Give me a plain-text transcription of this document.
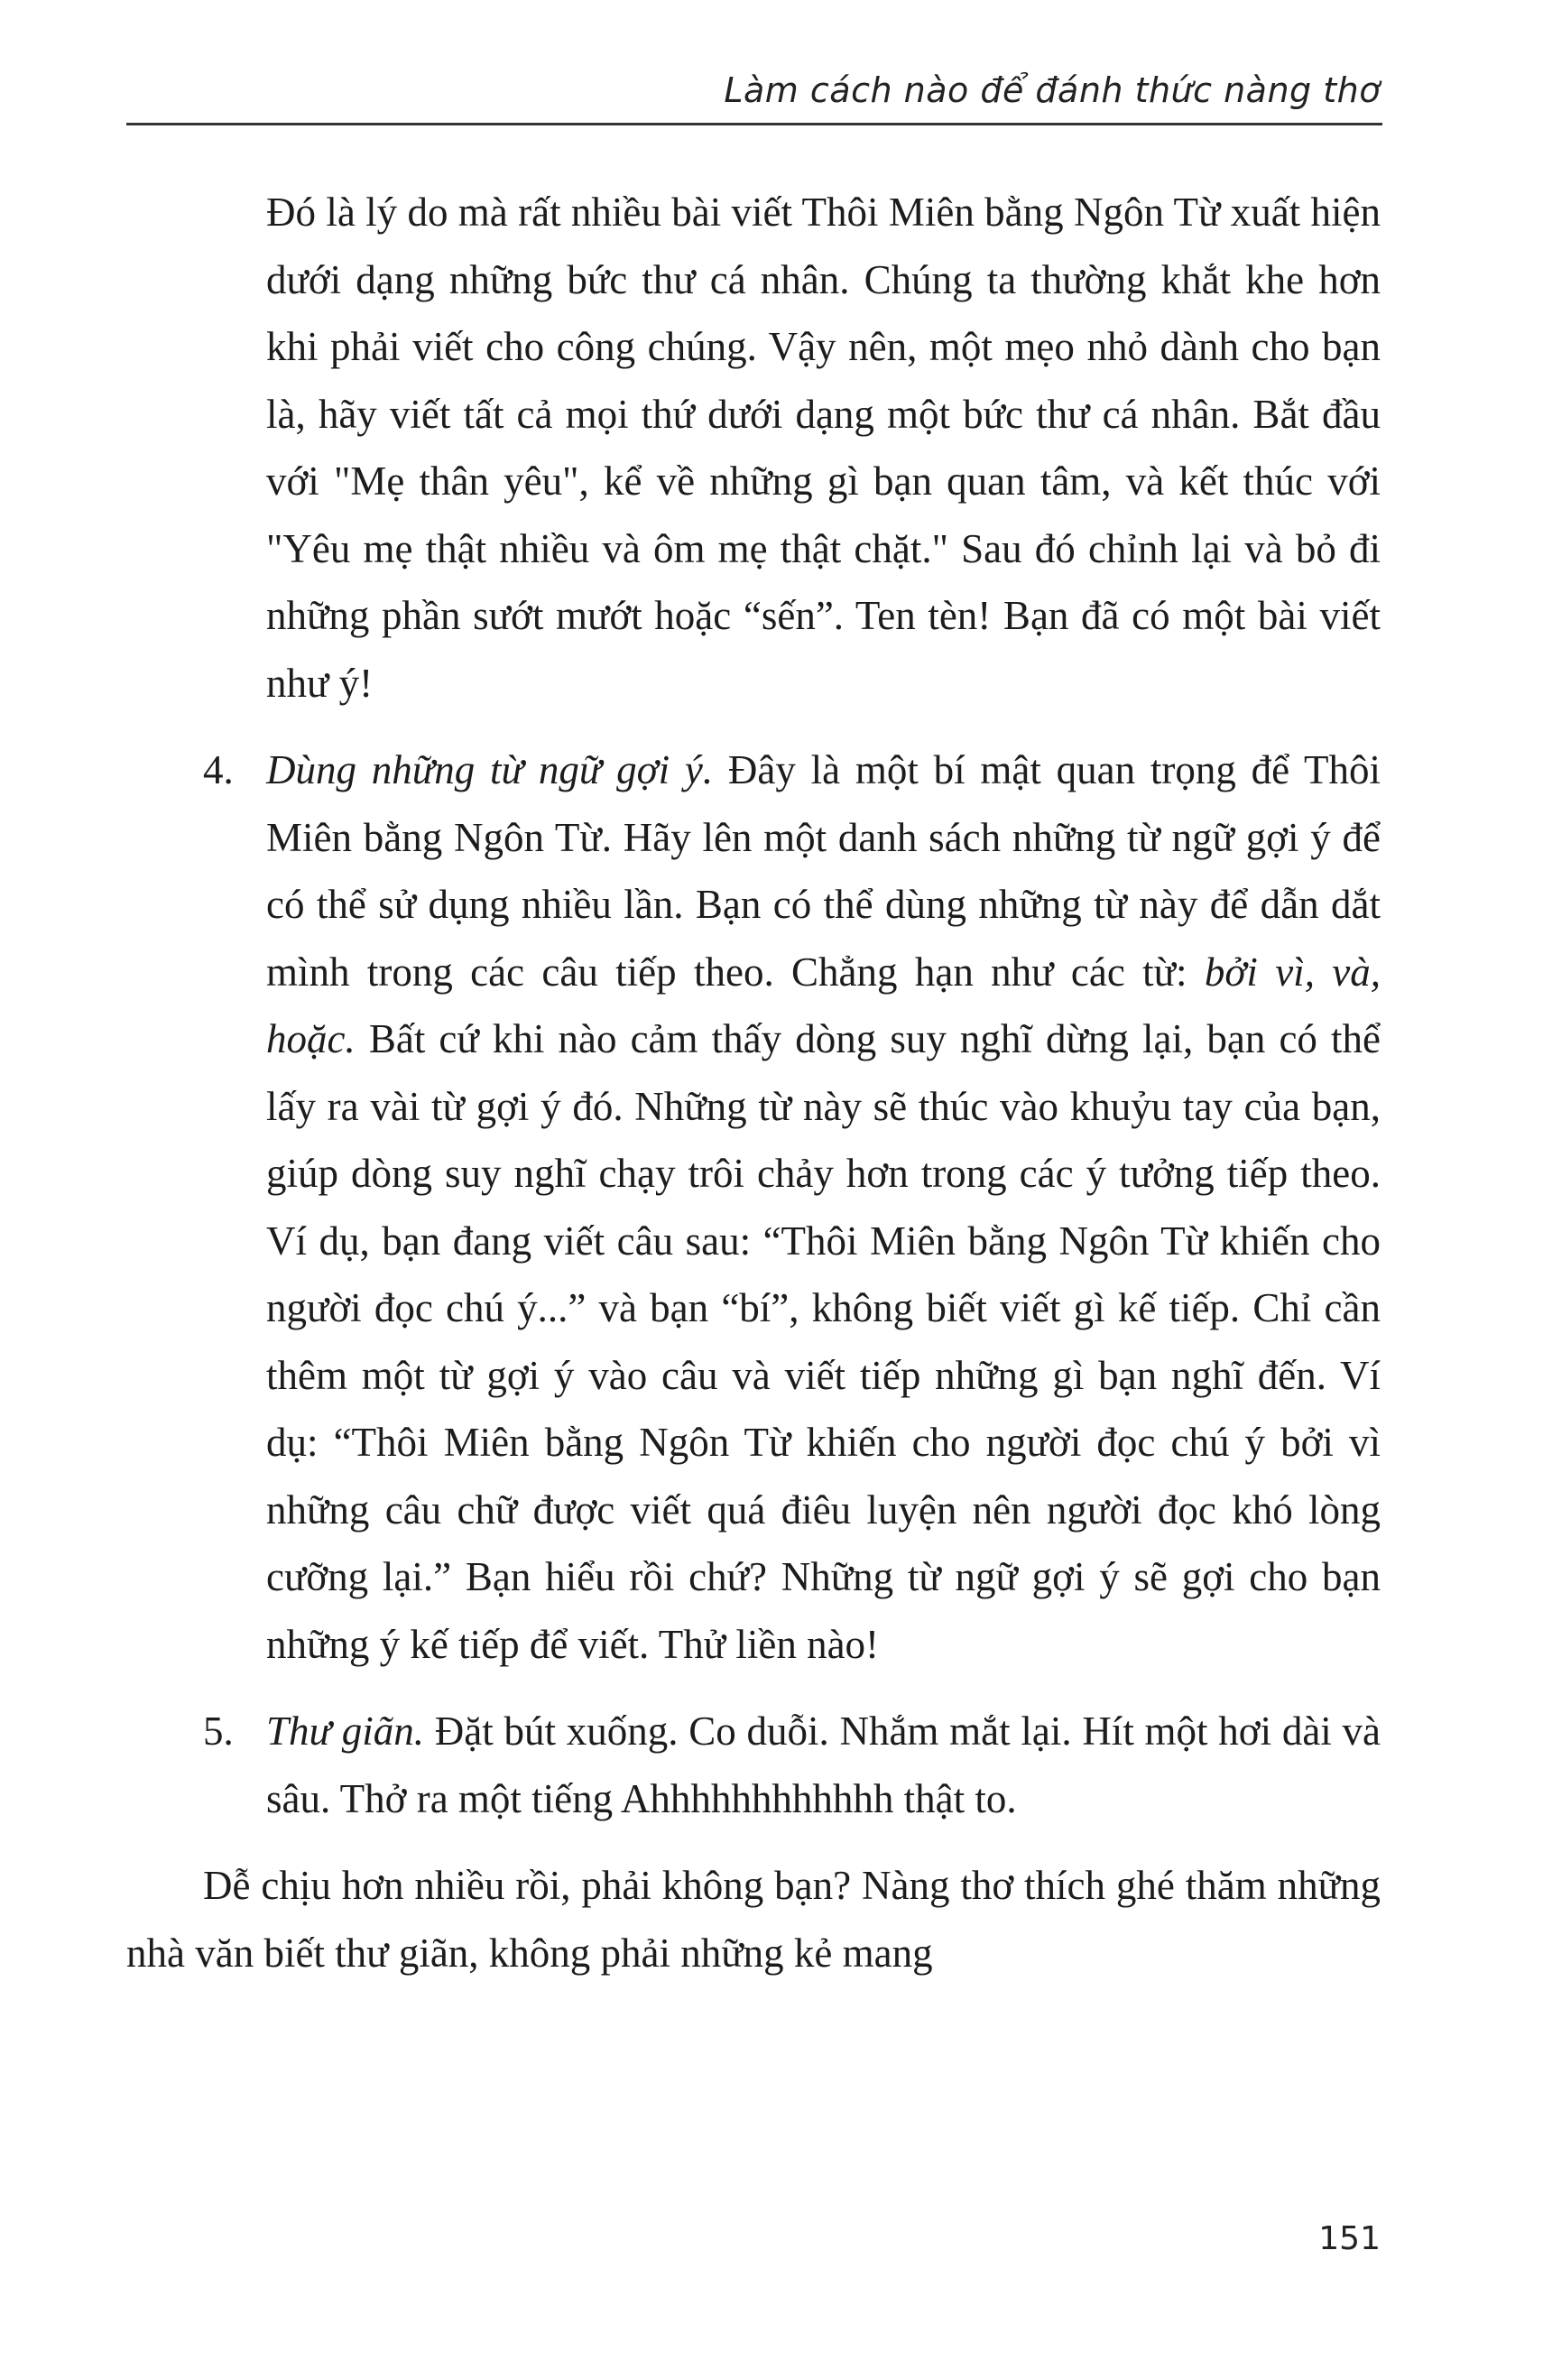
Làm cách nào để đánh thức nàng thơ

Đó là lý do mà rất nhiều bài viết Thôi Miên bằng Ngôn Từ xuất hiện dưới dạng những bức thư cá nhân. Chúng ta thường khắt khe hơn khi phải viết cho công chúng. Vậy nên, một mẹo nhỏ dành cho bạn là, hãy viết tất cả mọi thứ dưới dạng một bức thư cá nhân. Bắt đầu với "Mẹ thân yêu", kể về những gì bạn quan tâm, và kết thúc với "Yêu mẹ thật nhiều và ôm mẹ thật chặt." Sau đó chỉnh lại và bỏ đi những phần sướt mướt hoặc “sến”. Ten tèn! Bạn đã có một bài viết như ý!

4. Dùng những từ ngữ gợi ý. Đây là một bí mật quan trọng để Thôi Miên bằng Ngôn Từ. Hãy lên một danh sách những từ ngữ gợi ý để có thể sử dụng nhiều lần. Bạn có thể dùng những từ này để dẫn dắt mình trong các câu tiếp theo. Chẳng hạn như các từ: bởi vì, và, hoặc. Bất cứ khi nào cảm thấy dòng suy nghĩ dừng lại, bạn có thể lấy ra vài từ gợi ý đó. Những từ này sẽ thúc vào khuỷu tay của bạn, giúp dòng suy nghĩ chạy trôi chảy hơn trong các ý tưởng tiếp theo. Ví dụ, bạn đang viết câu sau: “Thôi Miên bằng Ngôn Từ khiến cho người đọc chú ý...” và bạn “bí”, không biết viết gì kế tiếp. Chỉ cần thêm một từ gợi ý vào câu và viết tiếp những gì bạn nghĩ đến. Ví dụ: “Thôi Miên bằng Ngôn Từ khiến cho người đọc chú ý bởi vì những câu chữ được viết quá điêu luyện nên người đọc khó lòng cưỡng lại.” Bạn hiểu rồi chứ? Những từ ngữ gợi ý sẽ gợi cho bạn những ý kế tiếp để viết. Thử liền nào!

5. Thư giãn. Đặt bút xuống. Co duỗi. Nhắm mắt lại. Hít một hơi dài và sâu. Thở ra một tiếng Ahhhhhhhhhhhh thật to.

Dễ chịu hơn nhiều rồi, phải không bạn? Nàng thơ thích ghé thăm những nhà văn biết thư giãn, không phải những kẻ mang

151
